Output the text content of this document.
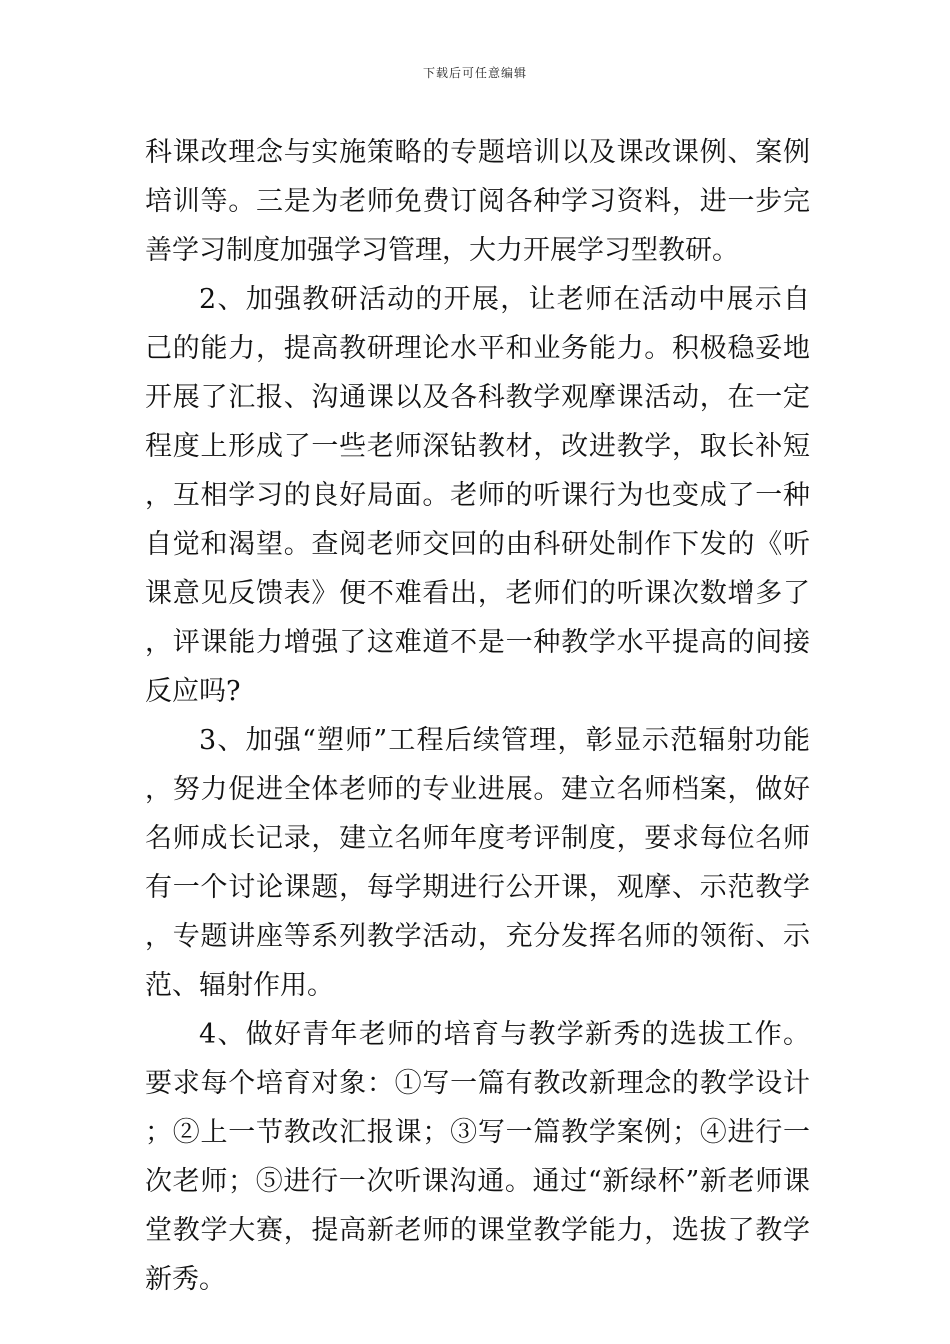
下载后可任意编辑

科课改理念与实施策略的专题培训以及课改课例、案例培训等。三是为老师免费订阅各种学习资料，进一步完善学习制度加强学习管理，大力开展学习型教研。

2、加强教研活动的开展，让老师在活动中展示自己的能力，提高教研理论水平和业务能力。积极稳妥地开展了汇报、沟通课以及各科教学观摩课活动，在一定程度上形成了一些老师深钻教材，改进教学，取长补短，互相学习的良好局面。老师的听课行为也变成了一种自觉和渴望。查阅老师交回的由科研处制作下发的《听课意见反馈表》便不难看出，老师们的听课次数增多了，评课能力增强了这难道不是一种教学水平提高的间接反应吗?

3、加强“塑师”工程后续管理，彰显示范辐射功能，努力促进全体老师的专业进展。建立名师档案，做好名师成长记录，建立名师年度考评制度，要求每位名师有一个讨论课题，每学期进行公开课，观摩、示范教学，专题讲座等系列教学活动，充分发挥名师的领衔、示范、辐射作用。

4、做好青年老师的培育与教学新秀的选拔工作。要求每个培育对象：①写一篇有教改新理念的教学设计；②上一节教改汇报课；③写一篇教学案例；④进行一次老师；⑤进行一次听课沟通。通过“新绿杯”新老师课堂教学大赛，提高新老师的课堂教学能力，选拔了教学新秀。
